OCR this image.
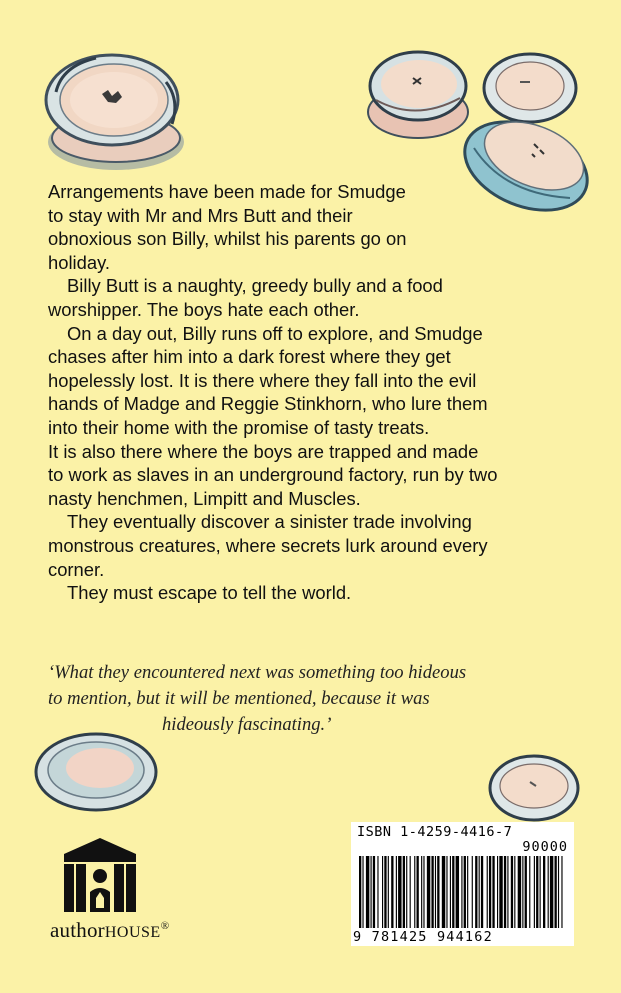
Arrangements have been made for Smudge
to stay with Mr and Mrs Butt and their
obnoxious son Billy, whilst his parents go on
holiday.

Billy Butt is a naughty, greedy bully and a food
worshipper. The boys hate each other.

On a day out, Billy runs off to explore, and Smudge
chases after him into a dark forest where they get
hopelessly lost. It is there where they fall into the evil
hands of Madge and Reggie Stinkhorn, who lure them
into their home with the promise of tasty treats.

It is also there where the boys are trapped and made
to work as slaves in an underground factory, run by two
nasty henchmen, Limpitt and Muscles.

They eventually discover a sinister trade involving
monstrous creatures, where secrets lurk around every
corner.

They must escape to tell the world.

‘What they encountered next was something too hideous
to mention, but it will be mentioned, because it was
hideously fascinating.’
authorHOUSE®
ISBN 1-4259-4416-7
90000
9 781425 944162
